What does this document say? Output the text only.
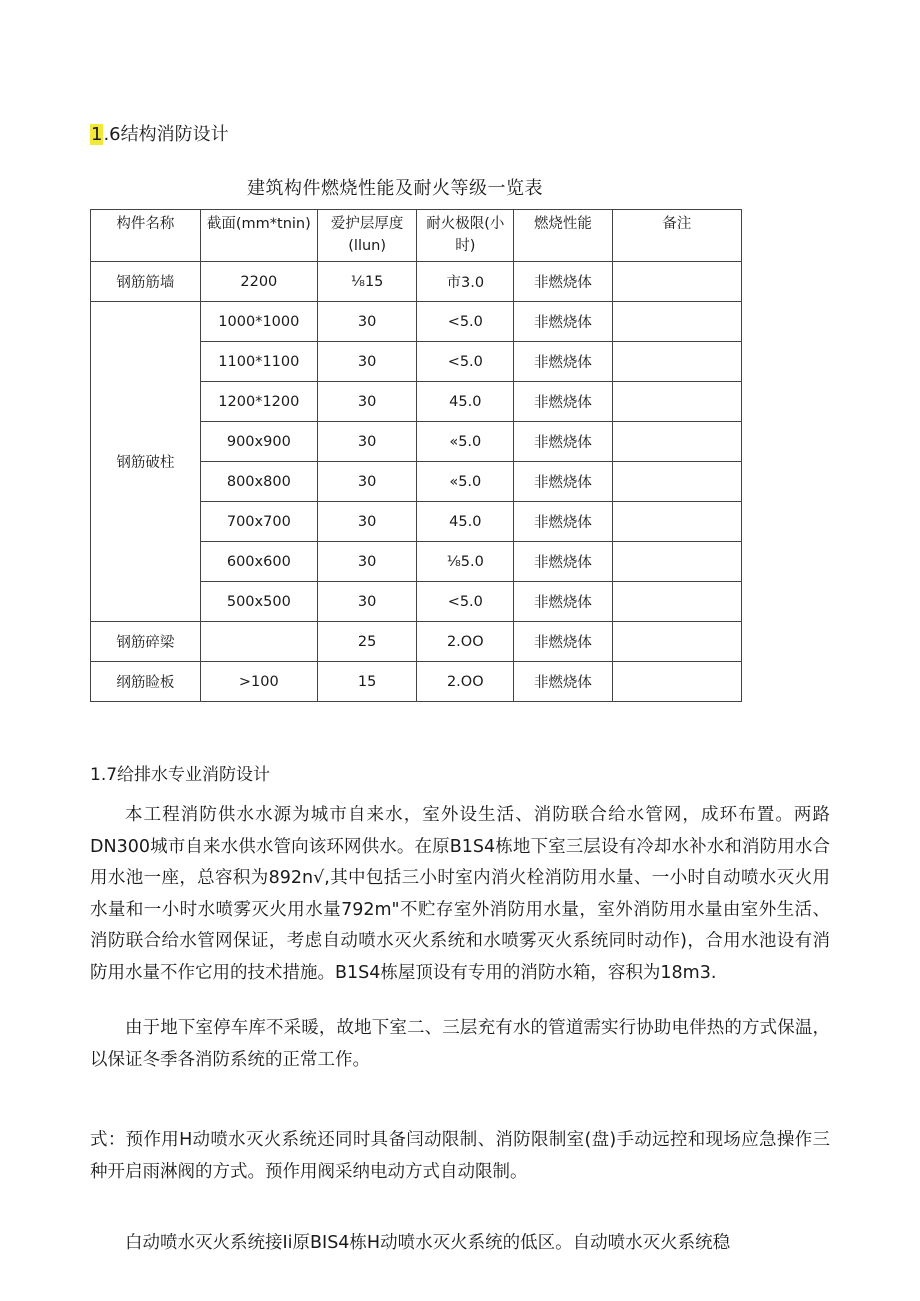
1.6结构消防设计
建筑构件燃烧性能及耐火等级一览表
构件名称	截面(mm*tnin)	爱护层厚度(llun)	耐火极限(小时)	燃烧性能	备注
钢筋筋墙	2200	⅛15	市3.0	非燃烧体	
钢筋破柱	1000*1000	30	<5.0	非燃烧体	
	1100*1100	30	<5.0	非燃烧体	
	1200*1200	30	45.0	非燃烧体	
	900x900	30	«5.0	非燃烧体	
	800x800	30	«5.0	非燃烧体	
	700x700	30	45.0	非燃烧体	
	600x600	30	⅛5.0	非燃烧体	
	500x500	30	<5.0	非燃烧体	
钢筋碎梁		25	2.OO	非燃烧体	
纲筋睑板	>100	15	2.OO	非燃烧体	
1.7给排水专业消防设计
本工程消防供水水源为城市自来水，室外设生活、消防联合给水管网，成环布置。两路DN300城市自来水供水管向该环网供水。在原B1S4栋地下室三层设有冷却水补水和消防用水合用水池一座，总容积为892n√,其中包括三小时室内消火栓消防用水量、一小时自动喷水灭火用水量和一小时水喷雾灭火用水量792m"不贮存室外消防用水量，室外消防用水量由室外生活、消防联合给水管网保证，考虑自动喷水灭火系统和水喷雾灭火系统同时动作)，合用水池设有消防用水量不作它用的技术措施。B1S4栋屋顶设有专用的消防水箱，容积为18m3.
由于地下室停车库不采暖，故地下室二、三层充有水的管道需实行协助电伴热的方式保温，以保证冬季各消防系统的正常工作。
式：预作用H动喷水灭火系统还同时具备闫动限制、消防限制室(盘)手动远控和现场应急操作三种开启雨淋阀的方式。预作用阀采纳电动方式自动限制。
白动喷水灭火系统接Ii原BIS4栋H动喷水灭火系统的低区。自动喷水灭火系统稳
